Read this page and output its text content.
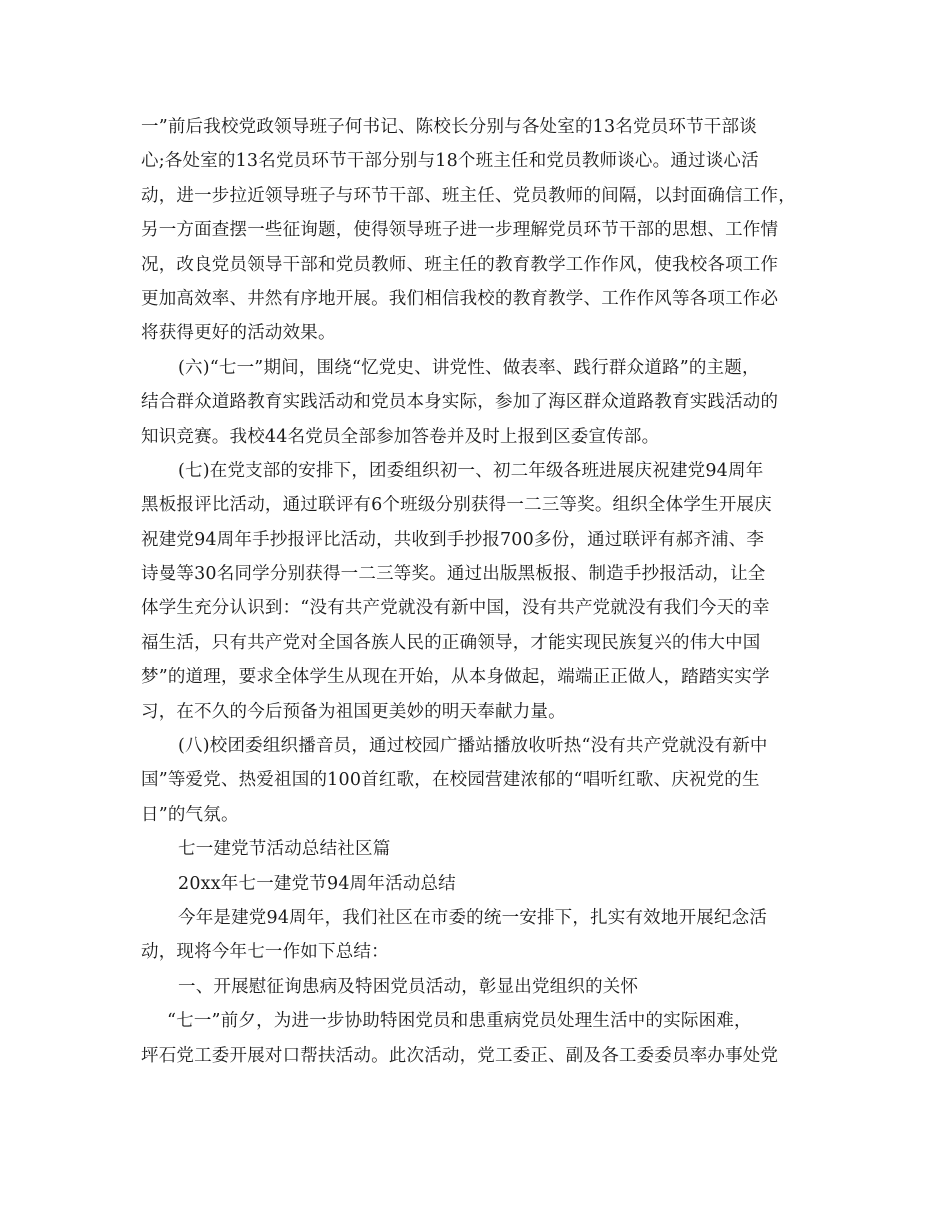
一”前后我校党政领导班子何书记、陈校长分别与各处室的13名党员环节干部谈
心;各处室的13名党员环节干部分别与18个班主任和党员教师谈心。通过谈心活
动，进一步拉近领导班子与环节干部、班主任、党员教师的间隔，以封面确信工作，
另一方面查摆一些征询题，使得领导班子进一步理解党员环节干部的思想、工作情
况，改良党员领导干部和党员教师、班主任的教育教学工作作风，使我校各项工作
更加高效率、井然有序地开展。我们相信我校的教育教学、工作作风等各项工作必
将获得更好的活动效果。
(六)“七一”期间，围绕“忆党史、讲党性、做表率、践行群众道路”的主题，
结合群众道路教育实践活动和党员本身实际，参加了海区群众道路教育实践活动的
知识竞赛。我校44名党员全部参加答卷并及时上报到区委宣传部。
(七)在党支部的安排下，团委组织初一、初二年级各班进展庆祝建党94周年
黑板报评比活动，通过联评有6个班级分别获得一二三等奖。组织全体学生开展庆
祝建党94周年手抄报评比活动，共收到手抄报700多份，通过联评有郝齐浦、李
诗曼等30名同学分别获得一二三等奖。通过出版黑板报、制造手抄报活动，让全
体学生充分认识到：“没有共产党就没有新中国，没有共产党就没有我们今天的幸
福生活，只有共产党对全国各族人民的正确领导，才能实现民族复兴的伟大中国
梦”的道理，要求全体学生从现在开始，从本身做起，端端正正做人，踏踏实实学
习，在不久的今后预备为祖国更美妙的明天奉献力量。
(八)校团委组织播音员，通过校园广播站播放收听热“没有共产党就没有新中
国”等爱党、热爱祖国的100首红歌，在校园营建浓郁的“唱听红歌、庆祝党的生
日”的气氛。
七一建党节活动总结社区篇
20xx年七一建党节94周年活动总结
今年是建党94周年，我们社区在市委的统一安排下，扎实有效地开展纪念活
动，现将今年七一作如下总结：
一、开展慰征询患病及特困党员活动，彰显出党组织的关怀
“七一”前夕，为进一步协助特困党员和患重病党员处理生活中的实际困难，
坪石党工委开展对口帮扶活动。此次活动，党工委正、副及各工委委员率办事处党
